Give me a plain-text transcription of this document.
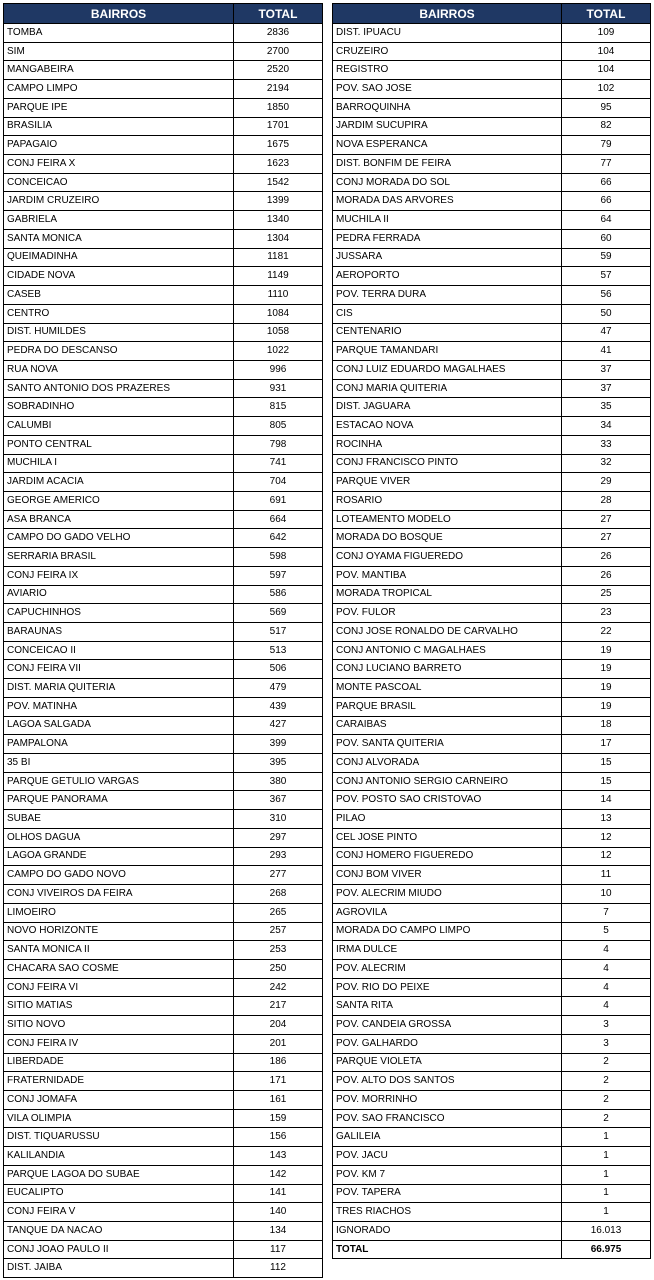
BAIRROS	TOTAL
TOMBA	2836
SIM	2700
MANGABEIRA	2520
CAMPO LIMPO	2194
PARQUE IPE	1850
BRASILIA	1701
PAPAGAIO	1675
CONJ FEIRA X	1623
CONCEICAO	1542
JARDIM CRUZEIRO	1399
GABRIELA	1340
SANTA MONICA	1304
QUEIMADINHA	1181
CIDADE NOVA	1149
CASEB	1110
CENTRO	1084
DIST. HUMILDES	1058
PEDRA DO DESCANSO	1022
RUA NOVA	996
SANTO ANTONIO DOS PRAZERES	931
SOBRADINHO	815
CALUMBI	805
PONTO CENTRAL	798
MUCHILA I	741
JARDIM ACACIA	704
GEORGE AMERICO	691
ASA BRANCA	664
CAMPO DO GADO VELHO	642
SERRARIA BRASIL	598
CONJ FEIRA IX	597
AVIARIO	586
CAPUCHINHOS	569
BARAUNAS	517
CONCEICAO II	513
CONJ FEIRA VII	506
DIST. MARIA QUITERIA	479
POV. MATINHA	439
LAGOA SALGADA	427
PAMPALONA	399
35 BI	395
PARQUE GETULIO VARGAS	380
PARQUE PANORAMA	367
SUBAE	310
OLHOS DAGUA	297
LAGOA GRANDE	293
CAMPO DO GADO NOVO	277
CONJ VIVEIROS DA FEIRA	268
LIMOEIRO	265
NOVO HORIZONTE	257
SANTA MONICA II	253
CHACARA SAO COSME	250
CONJ FEIRA VI	242
SITIO MATIAS	217
SITIO NOVO	204
CONJ FEIRA IV	201
LIBERDADE	186
FRATERNIDADE	171
CONJ JOMAFA	161
VILA OLIMPIA	159
DIST. TIQUARUSSU	156
KALILANDIA	143
PARQUE LAGOA DO SUBAE	142
EUCALIPTO	141
CONJ FEIRA V	140
TANQUE DA NACAO	134
CONJ JOAO PAULO II	117
DIST. JAIBA	112
BAIRROS	TOTAL
DIST. IPUACU	109
CRUZEIRO	104
REGISTRO	104
POV. SAO JOSE	102
BARROQUINHA	95
JARDIM SUCUPIRA	82
NOVA ESPERANCA	79
DIST. BONFIM DE FEIRA	77
CONJ MORADA DO SOL	66
MORADA DAS ARVORES	66
MUCHILA II	64
PEDRA FERRADA	60
JUSSARA	59
AEROPORTO	57
POV. TERRA DURA	56
CIS	50
CENTENARIO	47
PARQUE TAMANDARI	41
CONJ LUIZ EDUARDO MAGALHAES	37
CONJ MARIA QUITERIA	37
DIST. JAGUARA	35
ESTACAO NOVA	34
ROCINHA	33
CONJ FRANCISCO PINTO	32
PARQUE VIVER	29
ROSARIO	28
LOTEAMENTO MODELO	27
MORADA DO BOSQUE	27
CONJ OYAMA FIGUEREDO	26
POV. MANTIBA	26
MORADA TROPICAL	25
POV. FULOR	23
CONJ JOSE RONALDO DE CARVALHO	22
CONJ ANTONIO C MAGALHAES	19
CONJ LUCIANO BARRETO	19
MONTE PASCOAL	19
PARQUE BRASIL	19
CARAIBAS	18
POV. SANTA QUITERIA	17
CONJ ALVORADA	15
CONJ ANTONIO SERGIO CARNEIRO	15
POV. POSTO SAO CRISTOVAO	14
PILAO	13
CEL JOSE PINTO	12
CONJ HOMERO FIGUEREDO	12
CONJ BOM VIVER	11
POV. ALECRIM MIUDO	10
AGROVILA	7
MORADA DO CAMPO LIMPO	5
IRMA DULCE	4
POV. ALECRIM	4
POV. RIO DO PEIXE	4
SANTA RITA	4
POV. CANDEIA GROSSA	3
POV. GALHARDO	3
PARQUE VIOLETA	2
POV. ALTO DOS SANTOS	2
POV. MORRINHO	2
POV. SAO FRANCISCO	2
GALILEIA	1
POV. JACU	1
POV. KM 7	1
POV. TAPERA	1
TRES RIACHOS	1
IGNORADO	16.013
TOTAL	66.975
